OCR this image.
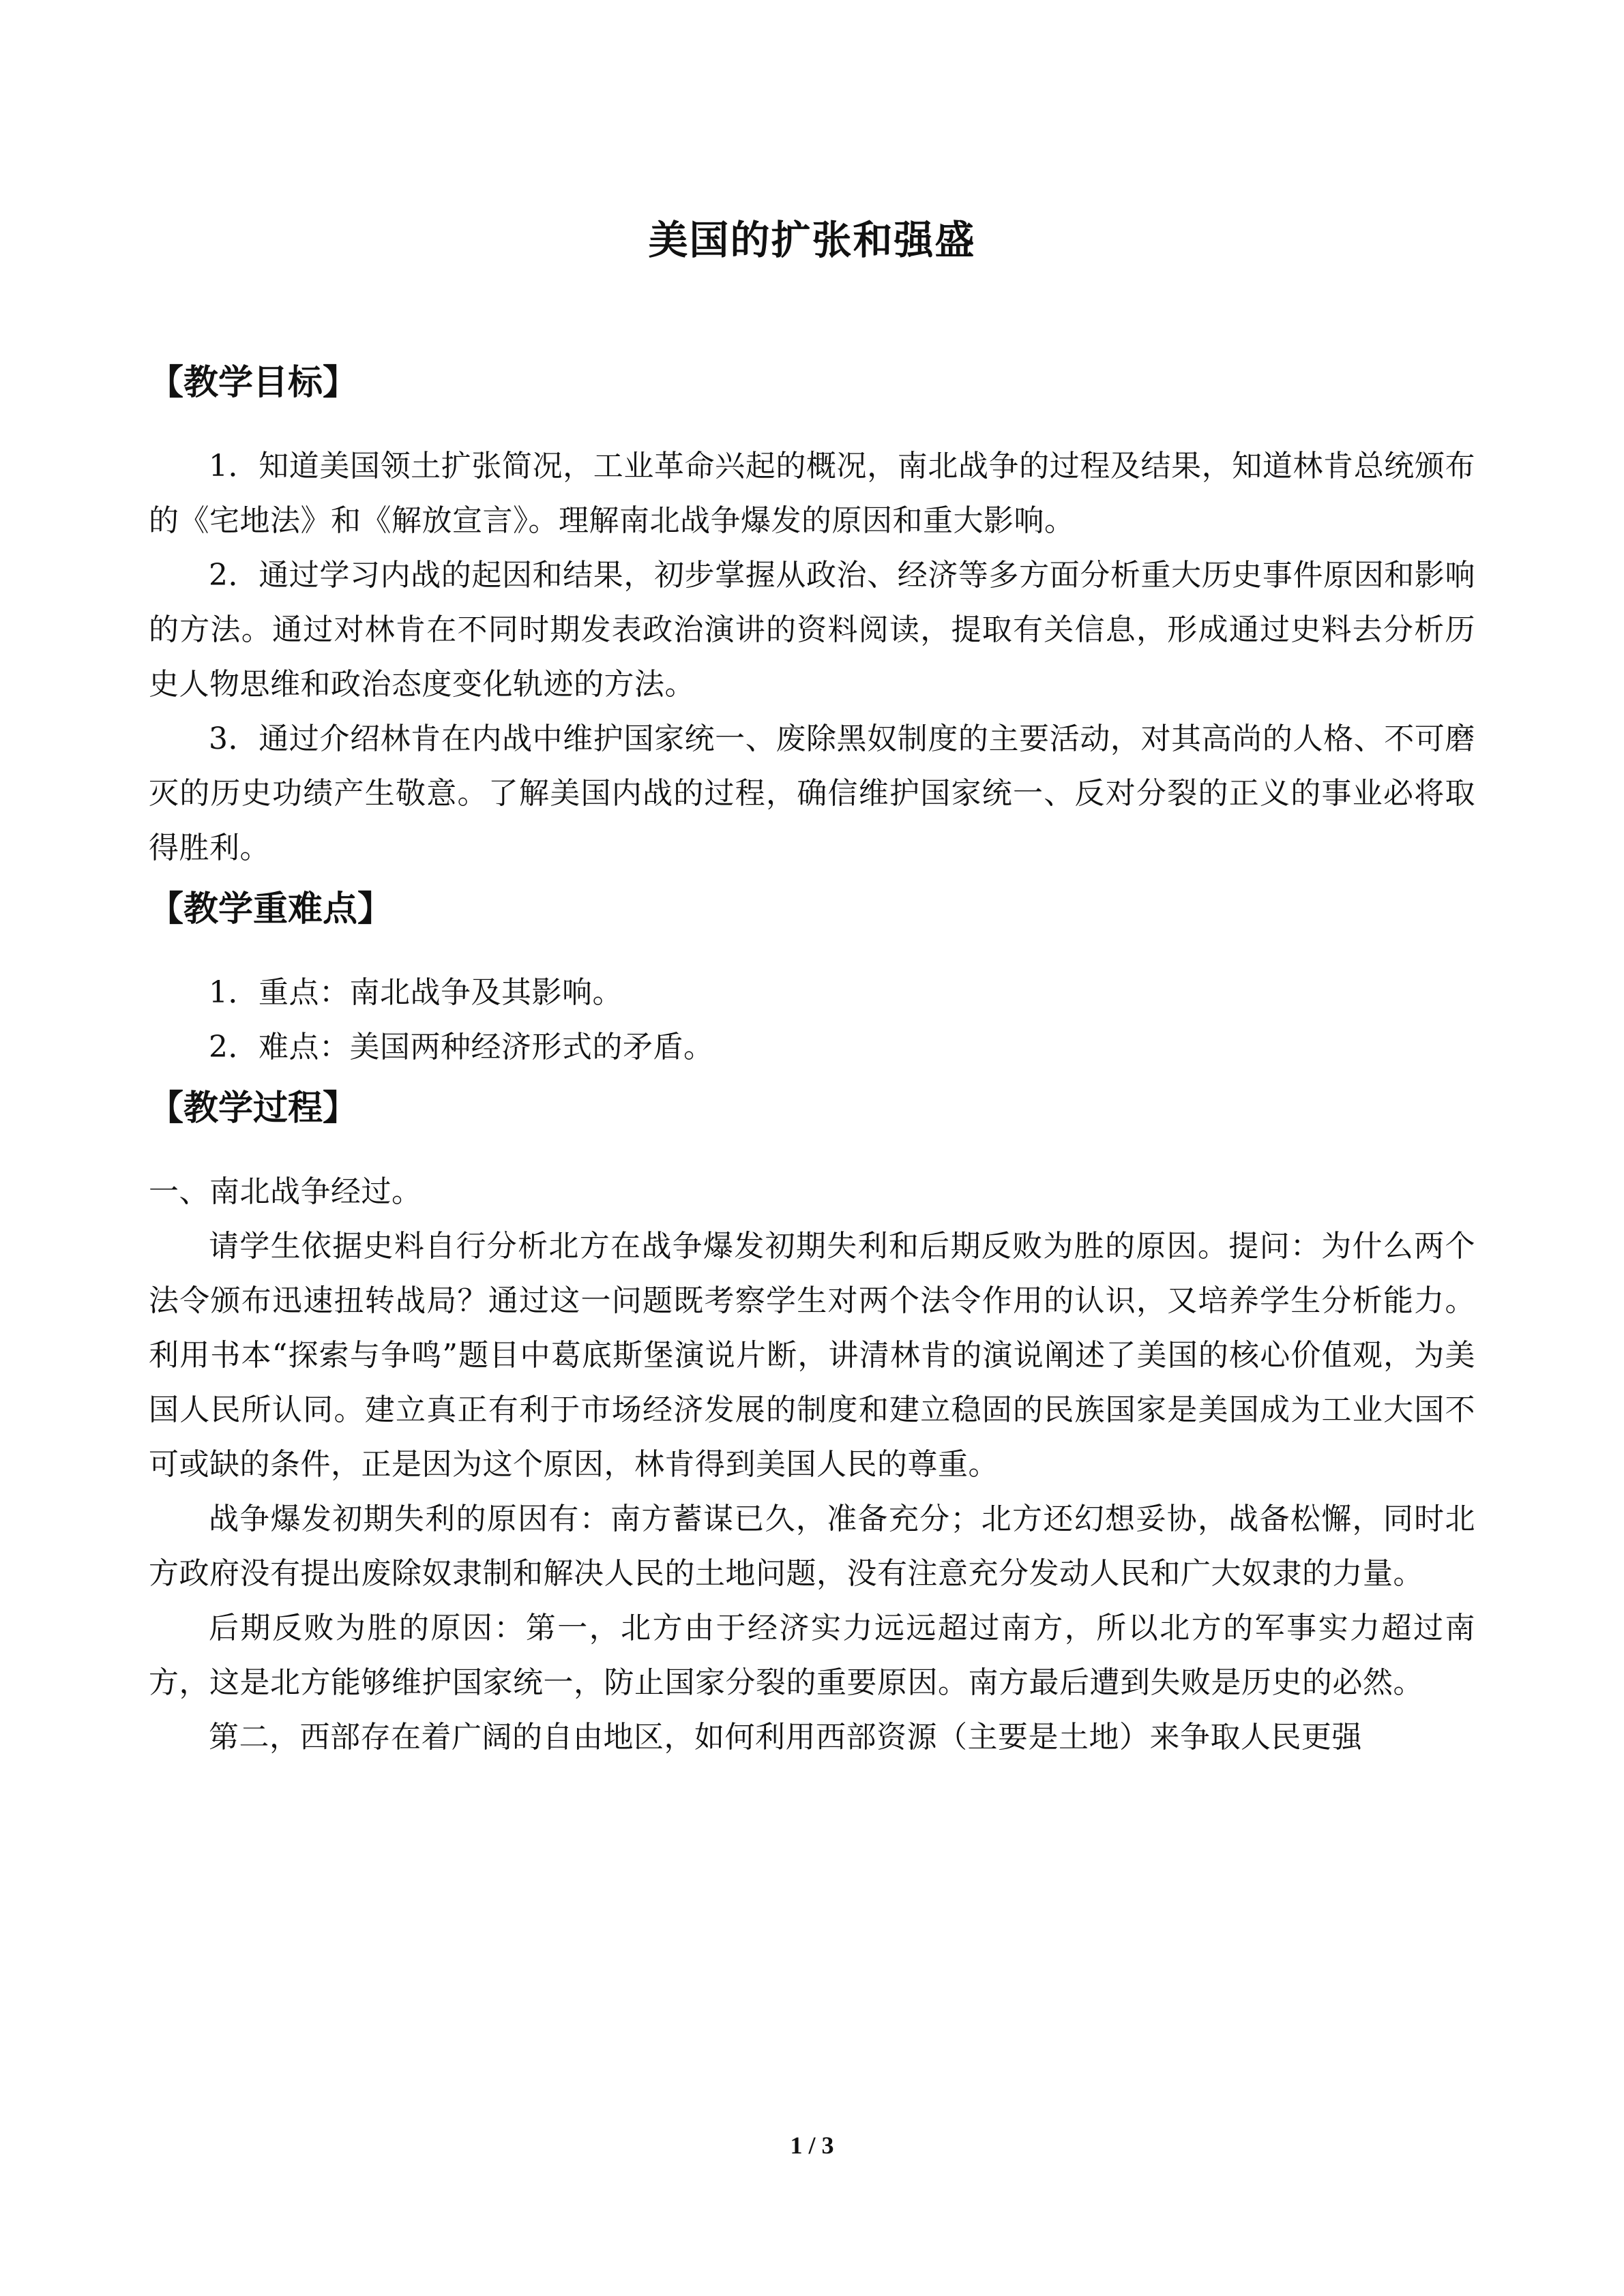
美国的扩张和强盛
【教学目标】

1．知道美国领土扩张简况，工业革命兴起的概况，南北战争的过程及结果，知道林肯总统颁布的《宅地法》和《解放宣言》。理解南北战争爆发的原因和重大影响。

2．通过学习内战的起因和结果，初步掌握从政治、经济等多方面分析重大历史事件原因和影响的方法。通过对林肯在不同时期发表政治演讲的资料阅读，提取有关信息，形成通过史料去分析历史人物思维和政治态度变化轨迹的方法。

3．通过介绍林肯在内战中维护国家统一、废除黑奴制度的主要活动，对其高尚的人格、不可磨灭的历史功绩产生敬意。了解美国内战的过程，确信维护国家统一、反对分裂的正义的事业必将取得胜利。

【教学重难点】

1．重点：南北战争及其影响。

2．难点：美国两种经济形式的矛盾。

【教学过程】

一、南北战争经过。

请学生依据史料自行分析北方在战争爆发初期失利和后期反败为胜的原因。提问：为什么两个法令颁布迅速扭转战局？通过这一问题既考察学生对两个法令作用的认识，又培养学生分析能力。利用书本“探索与争鸣”题目中葛底斯堡演说片断，讲清林肯的演说阐述了美国的核心价值观，为美国人民所认同。建立真正有利于市场经济发展的制度和建立稳固的民族国家是美国成为工业大国不可或缺的条件，正是因为这个原因，林肯得到美国人民的尊重。

战争爆发初期失利的原因有：南方蓄谋已久，准备充分；北方还幻想妥协，战备松懈，同时北方政府没有提出废除奴隶制和解决人民的土地问题，没有注意充分发动人民和广大奴隶的力量。

后期反败为胜的原因：第一，北方由于经济实力远远超过南方，所以北方的军事实力超过南方，这是北方能够维护国家统一，防止国家分裂的重要原因。南方最后遭到失败是历史的必然。

第二，西部存在着广阔的自由地区，如何利用西部资源（主要是土地）来争取人民更强

1 / 3
